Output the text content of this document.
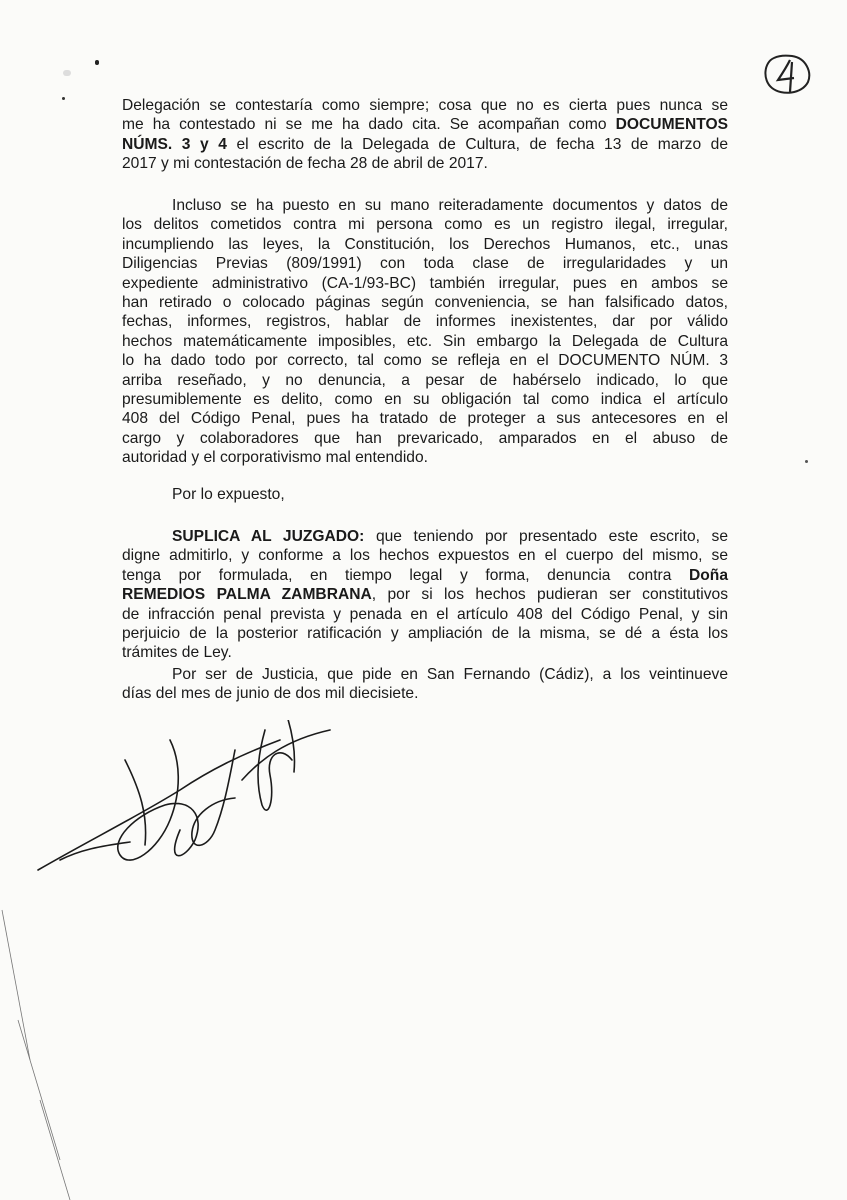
Delegación se contestaría como siempre; cosa que no es cierta pues nunca se
me ha contestado ni se me ha dado cita. Se acompañan como DOCUMENTOS
NÚMS. 3 y 4 el escrito de la Delegada de Cultura, de fecha 13 de marzo de
2017 y mi contestación de fecha 28 de abril de 2017.
Incluso se ha puesto en su mano reiteradamente documentos y datos de
los delitos cometidos contra mi persona como es un registro ilegal, irregular,
incumpliendo las leyes, la Constitución, los Derechos Humanos, etc., unas
Diligencias Previas (809/1991) con toda clase de irregularidades y un
expediente administrativo (CA-1/93-BC) también irregular, pues en ambos se
han retirado o colocado páginas según conveniencia, se han falsificado datos,
fechas, informes, registros, hablar de informes inexistentes, dar por válido
hechos matemáticamente imposibles, etc. Sin embargo la Delegada de Cultura
lo ha dado todo por correcto, tal como se refleja en el DOCUMENTO NÚM. 3
arriba reseñado, y no denuncia, a pesar de habérselo indicado, lo que
presumiblemente es delito, como en su obligación tal como indica el artículo
408 del Código Penal, pues ha tratado de proteger a sus antecesores en el
cargo y colaboradores que han prevaricado, amparados en el abuso de
autoridad y el corporativismo mal entendido.
Por lo expuesto,
SUPLICA AL JUZGADO: que teniendo por presentado este escrito, se
digne admitirlo, y conforme a los hechos expuestos en el cuerpo del mismo, se
tenga por formulada, en tiempo legal y forma, denuncia contra Doña
REMEDIOS PALMA ZAMBRANA, por si los hechos pudieran ser constitutivos
de infracción penal prevista y penada en el artículo 408 del Código Penal, y sin
perjuicio de la posterior ratificación y ampliación de la misma, se dé a ésta los
trámites de Ley.
Por ser de Justicia, que pide en San Fernando (Cádiz), a los veintinueve
días del mes de junio de dos mil diecisiete.
